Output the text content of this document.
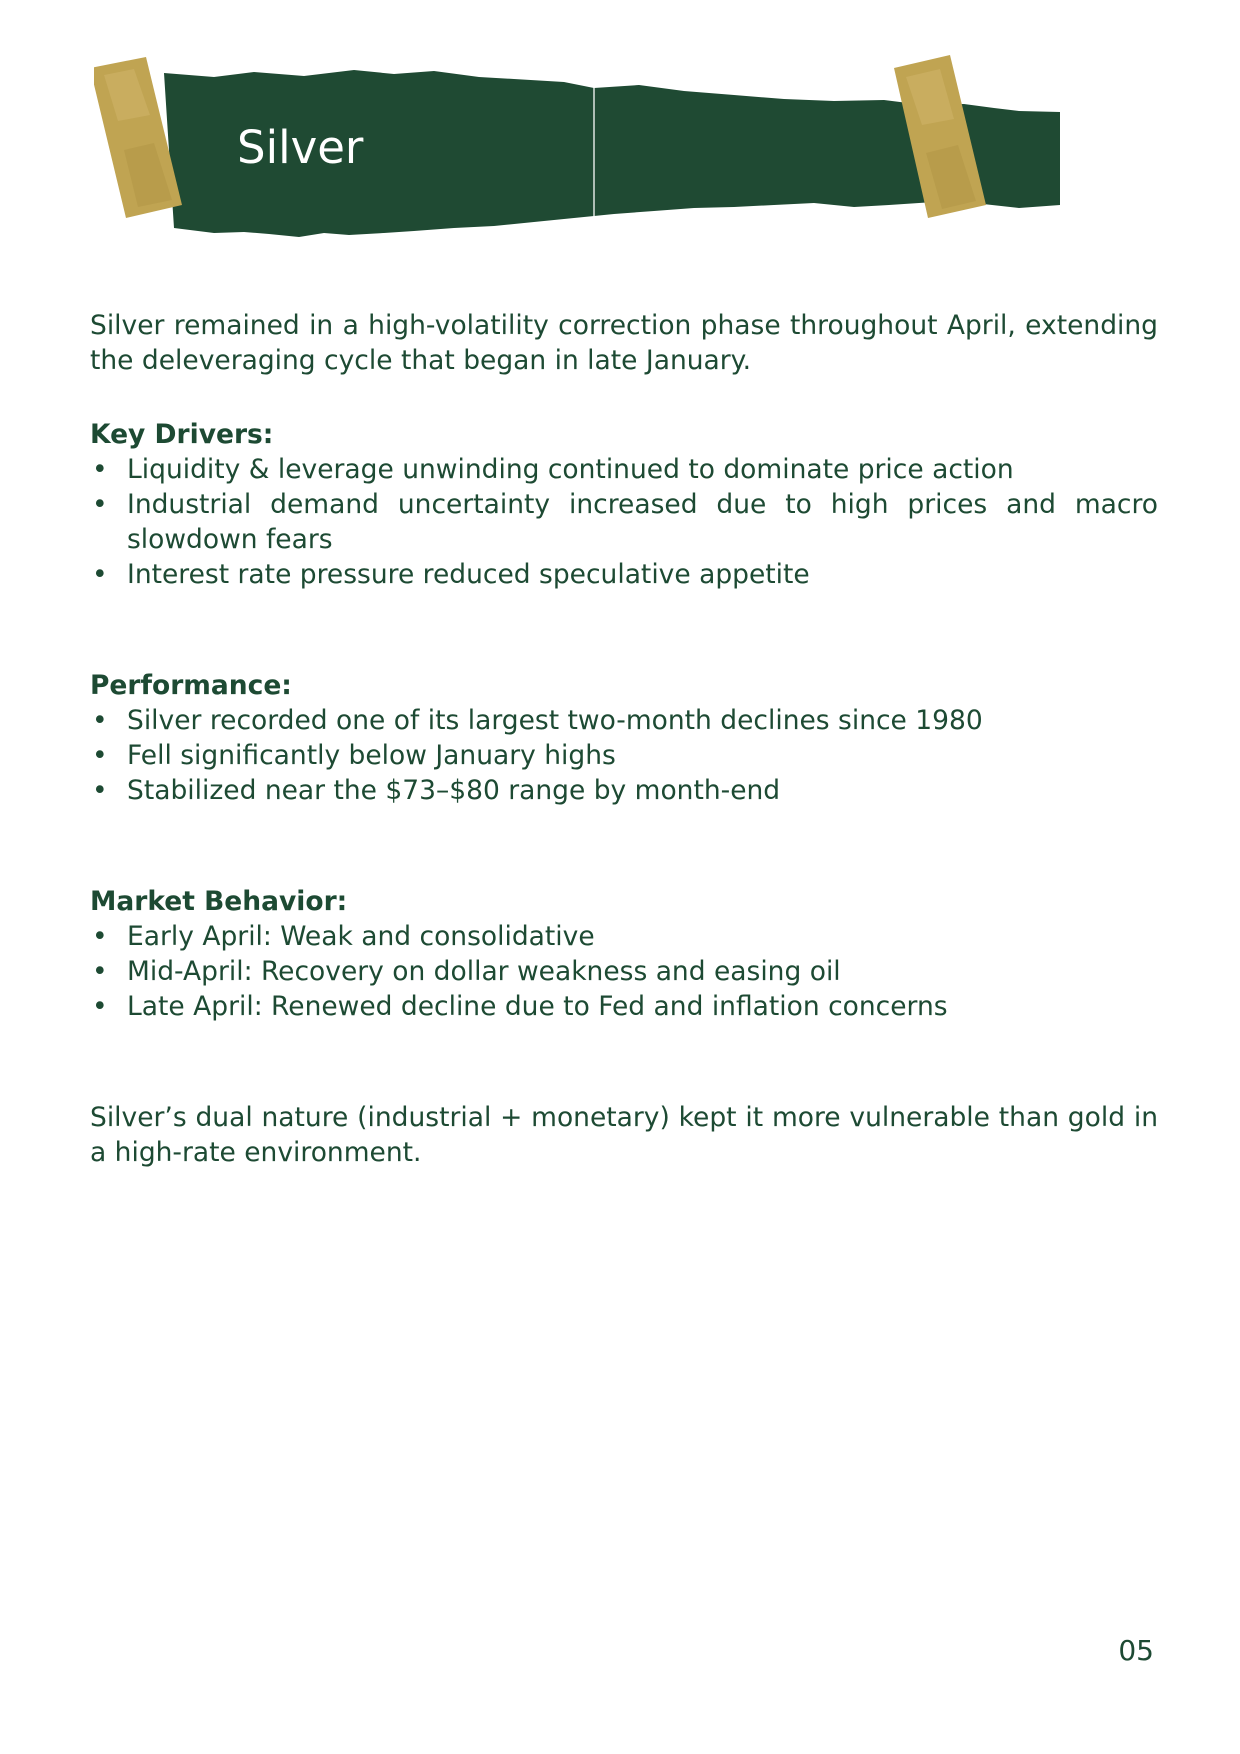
Silver

Silver remained in a high-volatility correction phase throughout April, extending the deleveraging cycle that began in late January.

Key Drivers:

• Liquidity & leverage unwinding continued to dominate price action
• Industrial demand uncertainty increased due to high prices and macro slowdown fears
• Interest rate pressure reduced speculative appetite

Performance:

• Silver recorded one of its largest two-month declines since 1980
• Fell significantly below January highs
• Stabilized near the $73–$80 range by month-end

Market Behavior:

• Early April: Weak and consolidative
• Mid-April: Recovery on dollar weakness and easing oil
• Late April: Renewed decline due to Fed and inflation concerns

Silver’s dual nature (industrial + monetary) kept it more vulnerable than gold in a high-rate environment.

05
